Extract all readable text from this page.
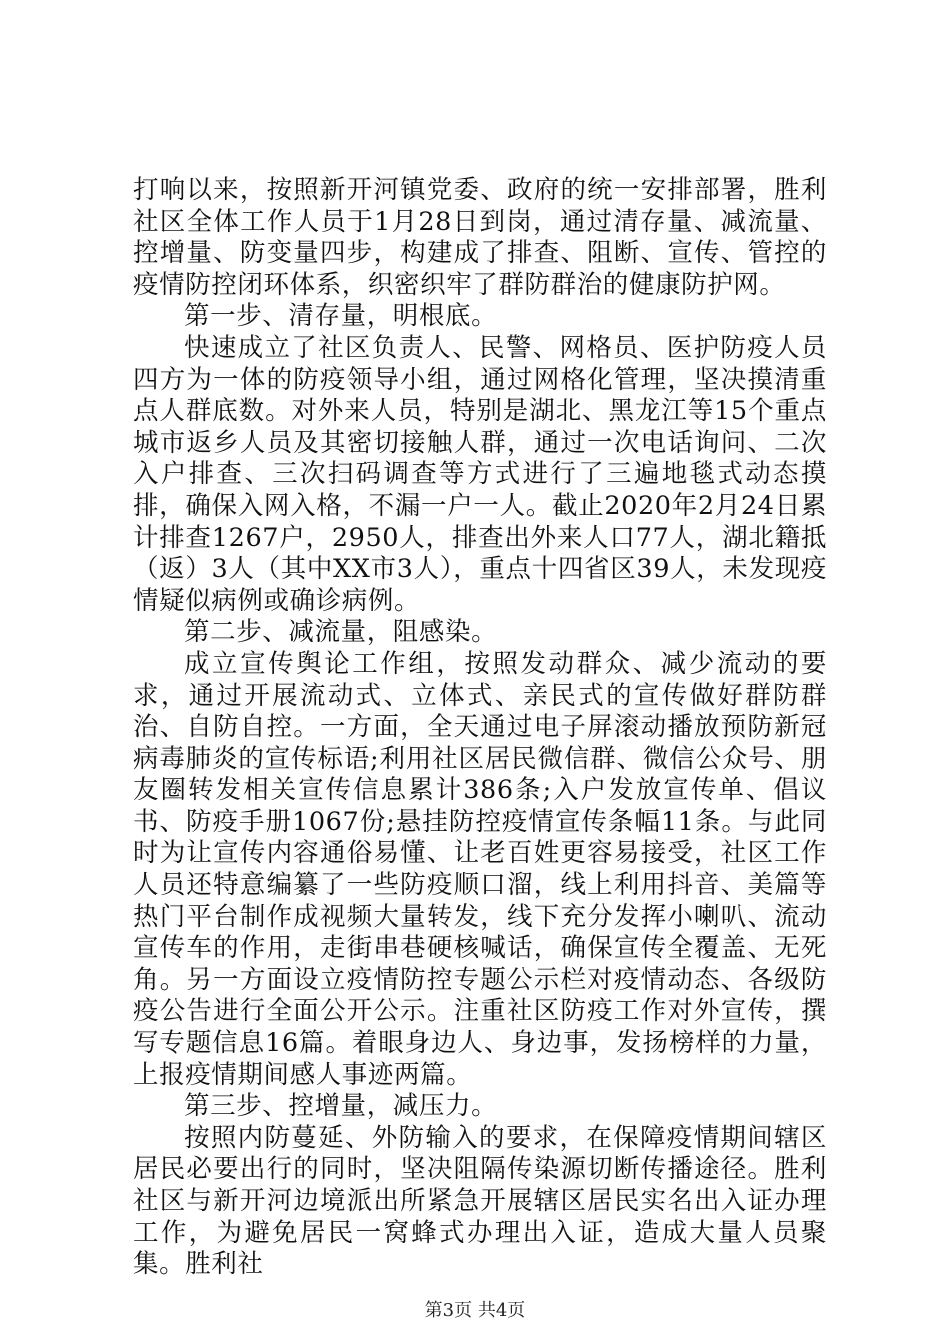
打响以来，按照新开河镇党委、政府的统一安排部署，胜利社区全体工作人员于1月28日到岗，通过清存量、减流量、控增量、防变量四步，构建成了排查、阻断、宣传、管控的疫情防控闭环体系，织密织牢了群防群治的健康防护网。

第一步、清存量，明根底。

快速成立了社区负责人、民警、网格员、医护防疫人员四方为一体的防疫领导小组，通过网格化管理，坚决摸清重点人群底数。对外来人员，特别是湖北、黑龙江等15个重点城市返乡人员及其密切接触人群，通过一次电话询问、二次入户排查、三次扫码调查等方式进行了三遍地毯式动态摸排，确保入网入格，不漏一户一人。截止2020年2月24日累计排查1267户，2950人，排查出外来人口77人，湖北籍抵（返）3人（其中XX市3人），重点十四省区39人，未发现疫情疑似病例或确诊病例。

第二步、减流量，阻感染。

成立宣传舆论工作组，按照发动群众、减少流动的要求，通过开展流动式、立体式、亲民式的宣传做好群防群治、自防自控。一方面，全天通过电子屏滚动播放预防新冠病毒肺炎的宣传标语;利用社区居民微信群、微信公众号、朋友圈转发相关宣传信息累计386条;入户发放宣传单、倡议书、防疫手册1067份;悬挂防控疫情宣传条幅11条。与此同时为让宣传内容通俗易懂、让老百姓更容易接受，社区工作人员还特意编纂了一些防疫顺口溜，线上利用抖音、美篇等热门平台制作成视频大量转发，线下充分发挥小喇叭、流动宣传车的作用，走街串巷硬核喊话，确保宣传全覆盖、无死角。另一方面设立疫情防控专题公示栏对疫情动态、各级防疫公告进行全面公开公示。注重社区防疫工作对外宣传，撰写专题信息16篇。着眼身边人、身边事，发扬榜样的力量，上报疫情期间感人事迹两篇。

第三步、控增量，减压力。

按照内防蔓延、外防输入的要求，在保障疫情期间辖区居民必要出行的同时，坚决阻隔传染源切断传播途径。胜利社区与新开河边境派出所紧急开展辖区居民实名出入证办理工作，为避免居民一窝蜂式办理出入证，造成大量人员聚集。胜利社

第3页 共4页
